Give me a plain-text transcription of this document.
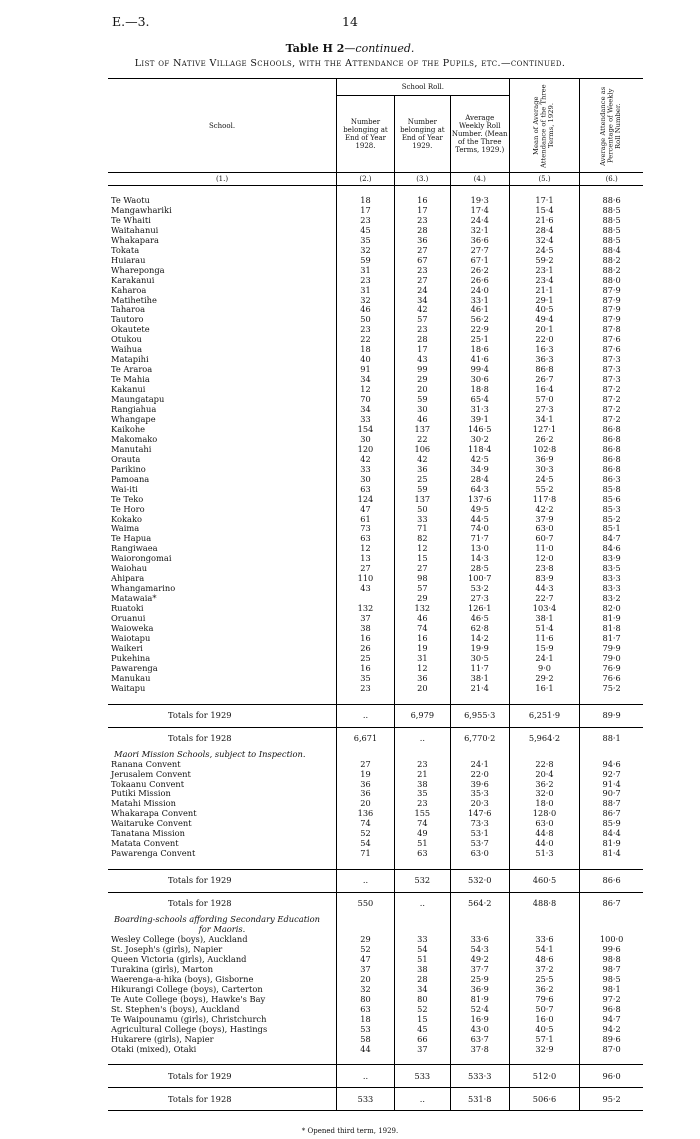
E.—3.	14
Table H 2—continued.
List of Native Village Schools, with the Attendance of the Pupils, etc.—continued.
School.	School Roll.			Mean of Average Attendance of the Three Terms, 1929.	Average Attendance as Percentage of Weekly Roll Number.

	Number belonging at End of Year 1928.	Number belonging at End of Year 1929.	Average Weekly Roll Number. (Mean of the Three Terms, 1929.)		
(1.)	(2.)	(3.)	(4.)	(5.)	(6.)

Te Waotu	18	16	19·3	17·1	88·6
Mangawhariki	17	17	17·4	15·4	88·5
Te Whaiti	23	23	24·4	21·6	88·5
Waitahanui	45	28	32·1	28·4	88·5
Whakapara	35	36	36·6	32·4	88·5
Tokata	32	27	27·7	24·5	88·4
Huiarau	59	67	67·1	59·2	88·2
Whareponga	31	23	26·2	23·1	88·2
Karakanui	23	27	26·6	23·4	88·0
Kaharoa	31	24	24·0	21·1	87·9
Matihetihe	32	34	33·1	29·1	87·9
Taharoa	46	42	46·1	40·5	87·9
Tautoro	50	57	56·2	49·4	87·9
Okautete	23	23	22·9	20·1	87·8
Otukou	22	28	25·1	22·0	87·6
Waihua	18	17	18·6	16·3	87·6
Matapihi	40	43	41·6	36·3	87·3
Te Araroa	91	99	99·4	86·8	87·3
Te Mahia	34	29	30·6	26·7	87·3
Kakanui	12	20	18·8	16·4	87·2
Maungatapu	70	59	65·4	57·0	87·2
Rangiahua	34	30	31·3	27·3	87·2
Whangape	33	46	39·1	34·1	87·2
Kaikohe	154	137	146·5	127·1	86·8
Makomako	30	22	30·2	26·2	86·8
Manutahi	120	106	118·4	102·8	86·8
Orauta	42	42	42·5	36·9	86·8
Parikino	33	36	34·9	30·3	86·8
Pamoana	30	25	28·4	24·5	86·3
Wai-iti	63	59	64·3	55·2	85·8
Te Teko	124	137	137·6	117·8	85·6
Te Horo	47	50	49·5	42·2	85·3
Kokako	61	33	44·5	37·9	85·2
Waima	73	71	74·0	63·0	85·1
Te Hapua	63	82	71·7	60·7	84·7
Rangiwaea	12	12	13·0	11·0	84·6
Waiorongomai	13	15	14·3	12·0	83·9
Waiohau	27	27	28·5	23·8	83·5
Ahipara	110	98	100·7	83·9	83·3
Whangamarino	43	57	53·2	44·3	83·3
Matawaia*		29	27·3	22·7	83·2
Ruatoki	132	132	126·1	103·4	82·0
Oruanui	37	46	46·5	38·1	81·9
Waioweka	38	74	62·8	51·4	81·8
Waiotapu	16	16	14·2	11·6	81·7
Waikeri	26	19	19·9	15·9	79·9
Pukehina	25	31	30·5	24·1	79·0
Pawarenga	16	12	11·7	9·0	76·9
Manukau	35	36	38·1	29·2	76·6
Waitapu	23	20	21·4	16·1	75·2

Totals for 1929	..	6,979	6,955·3	6,251·9	89·9
Totals for 1928	6,671	..	6,770·2	5,964·2	88·1
Maori Mission Schools, subject to Inspection.					
Ranana Convent	27	23	24·1	22·8	94·6
Jerusalem Convent	19	21	22·0	20·4	92·7
Tokaanu Convent	36	38	39·6	36·2	91·4
Putiki Mission	36	35	35·3	32·0	90·7
Matahi Mission	20	23	20·3	18·0	88·7
Whakarapa Convent	136	155	147·6	128·0	86·7
Waitaruke Convent	74	74	73·3	63·0	85·9
Tanatana Mission	52	49	53·1	44·8	84·4
Matata Convent	54	51	53·7	44·0	81·9
Pawarenga Convent	71	63	63·0	51·3	81·4

Totals for 1929	..	532	532·0	460·5	86·6
Totals for 1928	550	..	564·2	488·8	86·7
Boarding-schools affording Secondary Education					
for Maoris.					
Wesley College (boys), Auckland	29	33	33·6	33·6	100·0
St. Joseph's (girls), Napier	52	54	54·3	54·1	99·6
Queen Victoria (girls), Auckland	47	51	49·2	48·6	98·8
Turakina (girls), Marton	37	38	37·7	37·2	98·7
Waerenga-a-hika (boys), Gisborne	20	28	25·9	25·5	98·5
Hikurangi College (boys), Carterton	32	34	36·9	36·2	98·1
Te Aute College (boys), Hawke's Bay	80	80	81·9	79·6	97·2
St. Stephen's (boys), Auckland	63	52	52·4	50·7	96·8
Te Waipounamu (girls), Christchurch	18	15	16·9	16·0	94·7
Agricultural College (boys), Hastings	53	45	43·0	40·5	94·2
Hukarere (girls), Napier	58	66	63·7	57·1	89·6
Otaki (mixed), Otaki	44	37	37·8	32·9	87·0

Totals for 1929	..	533	533·3	512·0	96·0
Totals for 1928	533	..	531·8	506·6	95·2
* Opened third term, 1929.
